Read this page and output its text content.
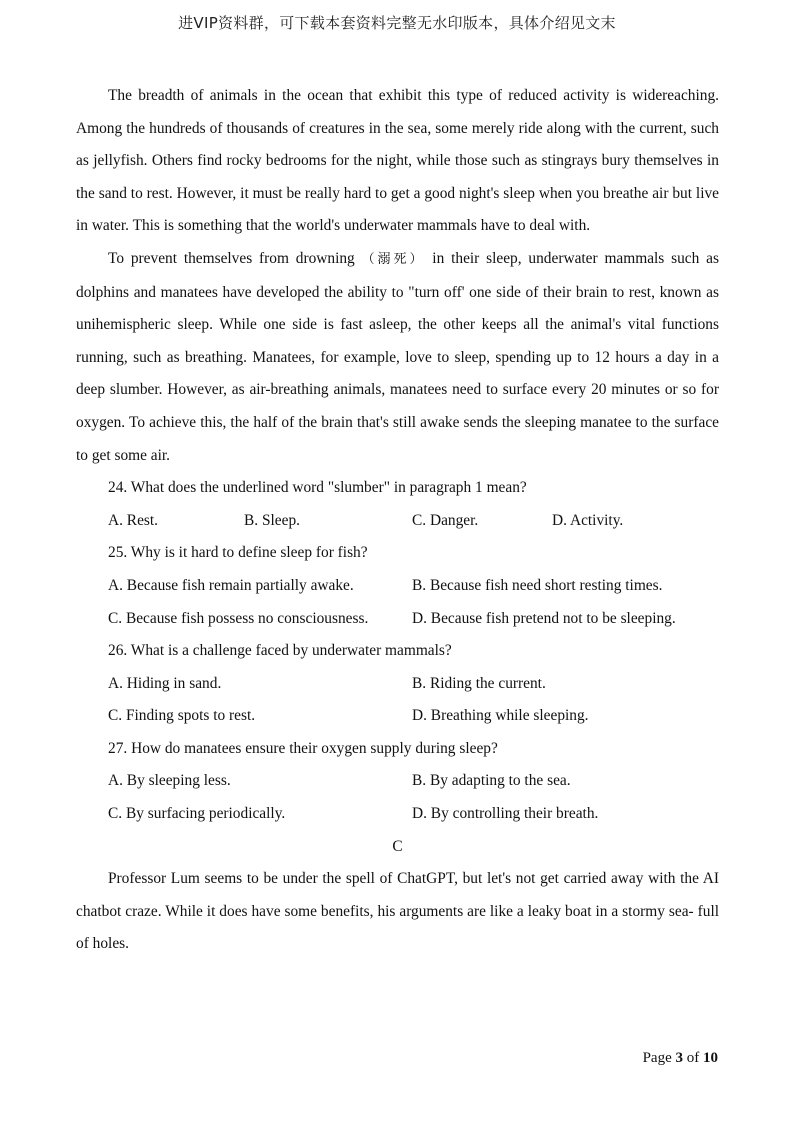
进VIP资料群，可下载本套资料完整无水印版本，具体介绍见文末

The breadth of animals in the ocean that exhibit this type of reduced activity is widereaching. Among the hundreds of thousands of creatures in the sea, some merely ride along with the current, such as jellyfish. Others find rocky bedrooms for the night, while those such as stingrays bury themselves in the sand to rest. However, it must be really hard to get a good night's sleep when you breathe air but live in water. This is something that the world's underwater mammals have to deal with.

To prevent themselves from drowning （溺死） in their sleep, underwater mammals such as dolphins and manatees have developed the ability to "turn off' one side of their brain to rest, known as unihemispheric sleep. While one side is fast asleep, the other keeps all the animal's vital functions running, such as breathing. Manatees, for example, love to sleep, spending up to 12 hours a day in a deep slumber. However, as air-breathing animals, manatees need to surface every 20 minutes or so for oxygen. To achieve this, the half of the brain that's still awake sends the sleeping manatee to the surface to get some air.

24. What does the underlined word "slumber" in paragraph 1 mean?

A. Rest.	B. Sleep.	C. Danger.	D. Activity.

25. Why is it hard to define sleep for fish?

A. Because fish remain partially awake.	B. Because fish need short resting times.
C. Because fish possess no consciousness.	D. Because fish pretend not to be sleeping.

26. What is a challenge faced by underwater mammals?

A. Hiding in sand.	B. Riding the current.
C. Finding spots to rest.	D. Breathing while sleeping.

27. How do manatees ensure their oxygen supply during sleep?

A. By sleeping less.	B. By adapting to the sea.
C. By surfacing periodically.	D. By controlling their breath.

C

Professor Lum seems to be under the spell of ChatGPT, but let's not get carried away with the AI chatbot craze. While it does have some benefits, his arguments are like a leaky boat in a stormy sea- full of holes.

Page 3 of 10
